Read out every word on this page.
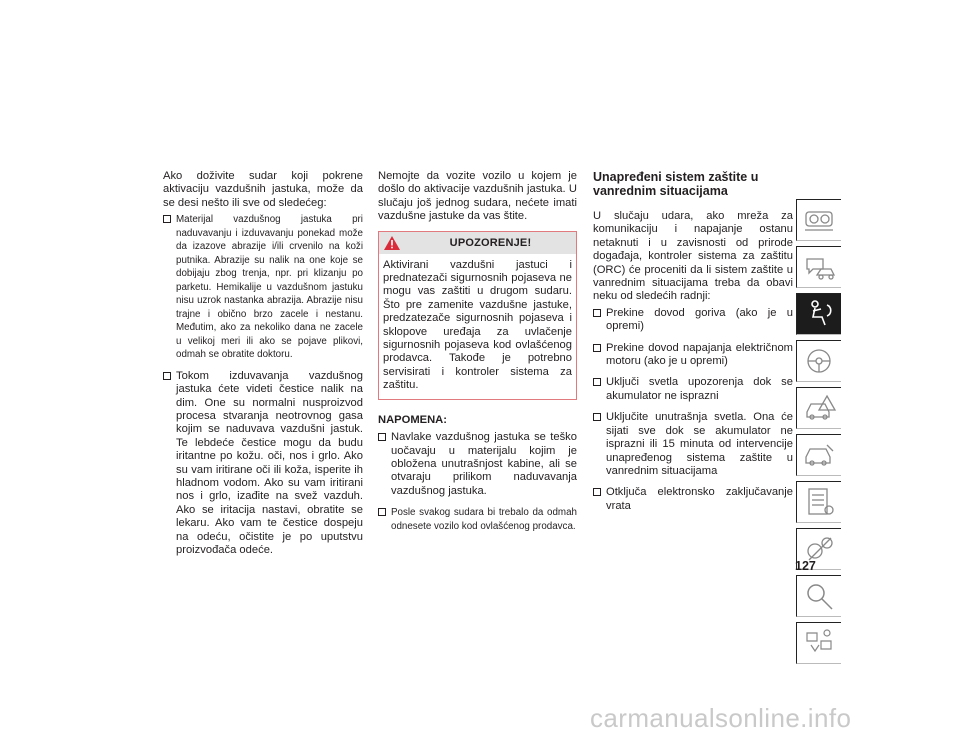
Ako doživite sudar koji pokrene aktivaciju vazdušnih jastuka, može da se desi nešto ili sve od sledećeg:

Materijal vazdušnog jastuka pri naduvavanju i izduvavanju ponekad može da izazove abrazije i/ili crvenilo na koži putnika. Abrazije su nalik na one koje se dobijaju zbog trenja, npr. pri klizanju po parketu. Hemikalije u vazdušnom jastuku nisu uzrok nastanka abrazija. Abrazije nisu trajne i obično brzo zacele i nestanu. Međutim, ako za nekoliko dana ne zacele u velikoj meri ili ako se pojave plikovi, odmah se obratite doktoru.
Tokom izduvavanja vazdušnog jastuka ćete videti čestice nalik na dim. One su normalni nusproizvod procesa stvaranja neotrovnog gasa kojim se naduvava vazdušni jastuk. Te lebdeće čestice mogu da budu iritantne po kožu. oči, nos i grlo. Ako su vam iritirane oči ili koža, isperite ih hladnom vodom. Ako su vam iritirani nos i grlo, izađite na svež vazduh. Ako se iritacija nastavi, obratite se lekaru. Ako vam te čestice dospeju na odeću, očistite je po uputstvu proizvođača odeće.

Nemojte da vozite vozilo u kojem je došlo do aktivacije vazdušnih jastuka. U slučaju još jednog sudara, nećete imati vazdušne jastuke da vas štite.

UPOZORENJE!
Aktivirani vazdušni jastuci i prednatezači sigurnosnih pojaseva ne mogu vas zaštiti u drugom sudaru. Što pre zamenite vazdušne jastuke, predzatezače sigurnosnih pojaseva i sklopove uređaja za uvlačenje sigurnosnih pojaseva kod ovlašćenog prodavca. Takođe je potrebno servisirati i kontroler sistema za zaštitu.

NAPOMENA:

Navlake vazdušnog jastuka se teško uočavaju u materijalu kojim je obložena unutrašnjost kabine, ali se otvaraju prilikom naduvavanja vazdušnog jastuka.
Posle svakog sudara bi trebalo da odmah odnesete vozilo kod ovlašćenog prodavca.
Unapređeni sistem zaštite u vanrednim situacijama

U slučaju udara, ako mreža za komunikaciju i napajanje ostanu netaknuti i u zavisnosti od prirode događaja, kontroler sistema za zaštitu (ORC) će proceniti da li sistem zaštite u vanrednim situacijama treba da obavi neku od sledećih radnji:

Prekine dovod goriva (ako je u opremi)
Prekine dovod napajanja električnom motoru (ako je u opremi)
Uključi svetla upozorenja dok se akumulator ne isprazni
Uključite unutrašnja svetla. Ona će sijati sve dok se akumulator ne isprazni ili 15 minuta od intervencije unapređenog sistema zaštite u vanrednim situacijama
Otključa elektronsko zaključavanje vrata
127
carmanualsonline.info
